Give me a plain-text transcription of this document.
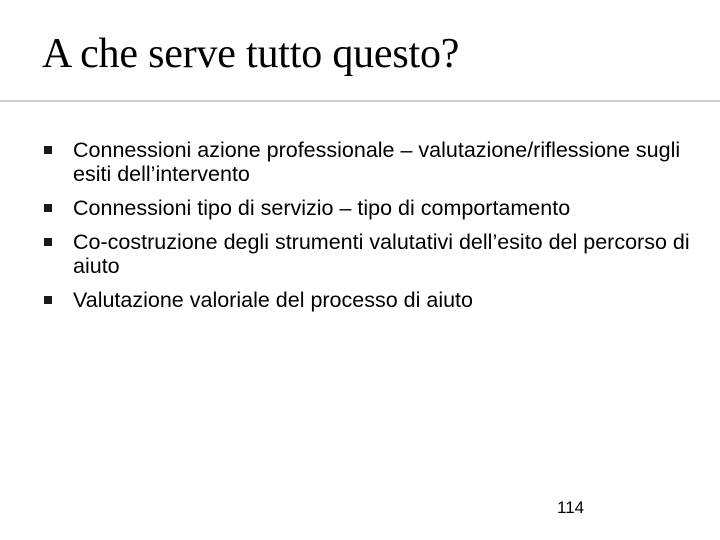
A che serve tutto questo?
Connessioni azione professionale – valutazione/riflessione sugli esiti dell’intervento
Connessioni tipo di servizio – tipo di comportamento
Co-costruzione degli strumenti valutativi dell’esito del percorso di aiuto
Valutazione valoriale del processo di aiuto
114
